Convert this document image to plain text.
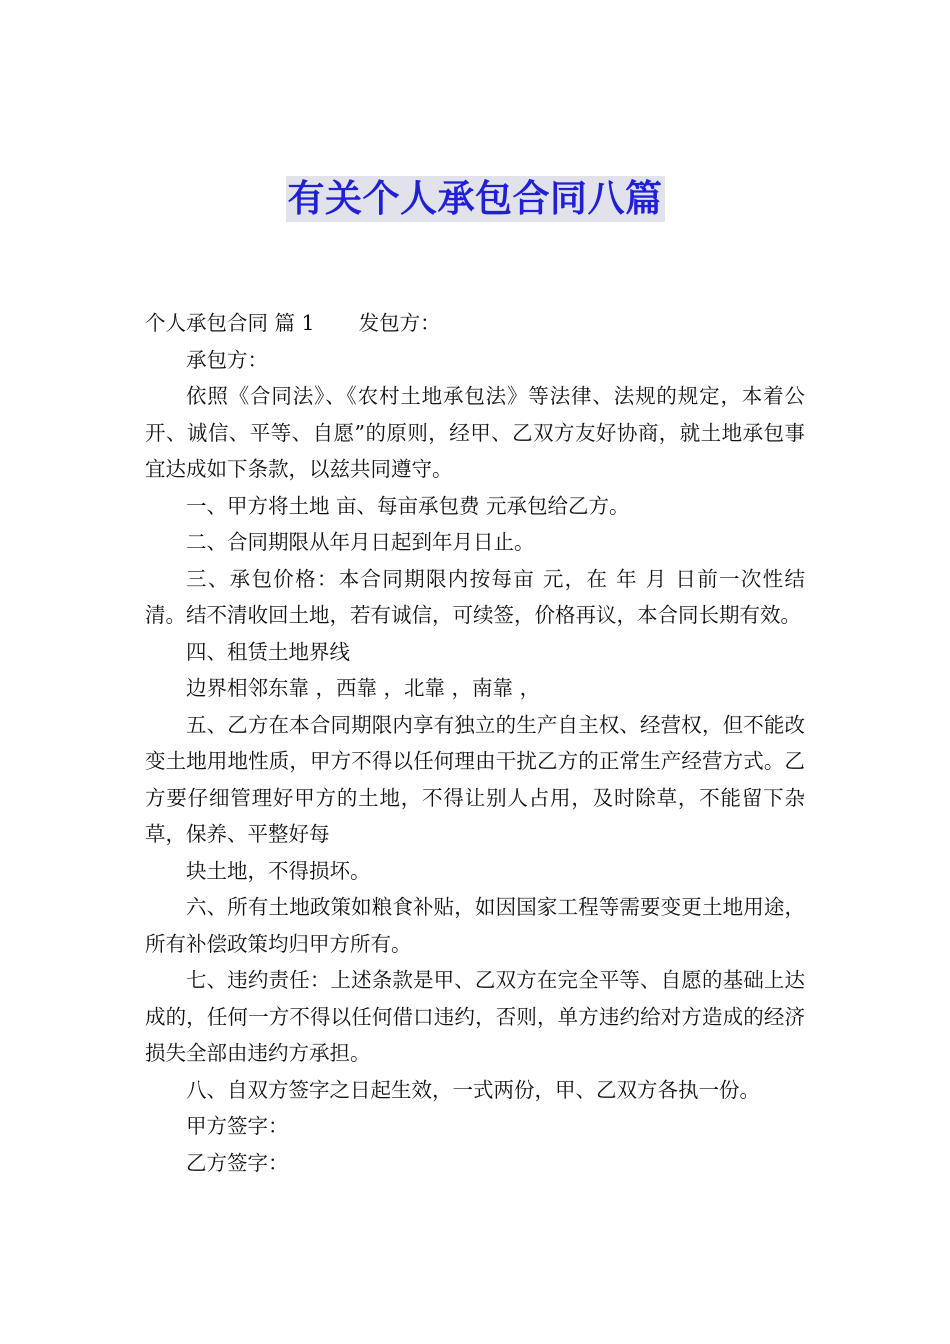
有关个人承包合同八篇

个人承包合同 篇 1 发包方：

承包方：

依照《合同法》、《农村土地承包法》等法律、法规的规定，本着公开、诚信、平等、自愿”的原则，经甲、乙双方友好协商，就土地承包事宜达成如下条款，以兹共同遵守。

一、甲方将土地 亩、每亩承包费 元承包给乙方。

二、合同期限从年月日起到年月日止。

三、承包价格：本合同期限内按每亩 元，在 年 月 日前一次性结清。结不清收回土地，若有诚信，可续签，价格再议，本合同长期有效。

四、租赁土地界线

边界相邻东靠 ，西靠 ，北靠 ，南靠 ，

五、乙方在本合同期限内享有独立的生产自主权、经营权，但不能改变土地用地性质，甲方不得以任何理由干扰乙方的正常生产经营方式。乙方要仔细管理好甲方的土地，不得让别人占用，及时除草，不能留下杂草，保养、平整好每

块土地，不得损坏。

六、所有土地政策如粮食补贴，如因国家工程等需要变更土地用途，所有补偿政策均归甲方所有。

七、违约责任：上述条款是甲、乙双方在完全平等、自愿的基础上达成的，任何一方不得以任何借口违约，否则，单方违约给对方造成的经济损失全部由违约方承担。

八、自双方签字之日起生效，一式两份，甲、乙双方各执一份。

甲方签字：

乙方签字：
